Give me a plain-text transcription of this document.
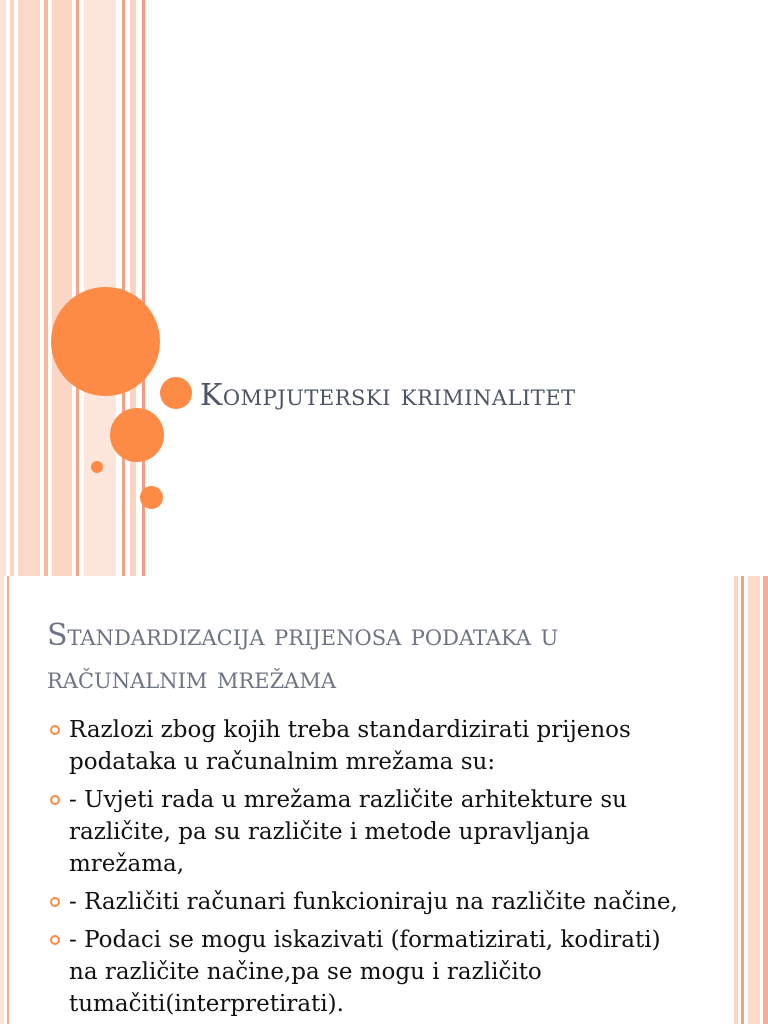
Kompjuterski kriminalitet
Standardizacija prijenosa podataka u računalnim mrežama
Razlozi zbog kojih treba standardizirati prijenos podataka u računalnim mrežama su:
- Uvjeti rada u mrežama različite arhitekture su različite, pa su različite i metode upravljanja mrežama,
- Različiti računari funkcioniraju na različite načine,
- Podaci se mogu iskazivati (formatizirati, kodirati) na različite načine,pa se mogu i različito tumačiti(interpretirati).
